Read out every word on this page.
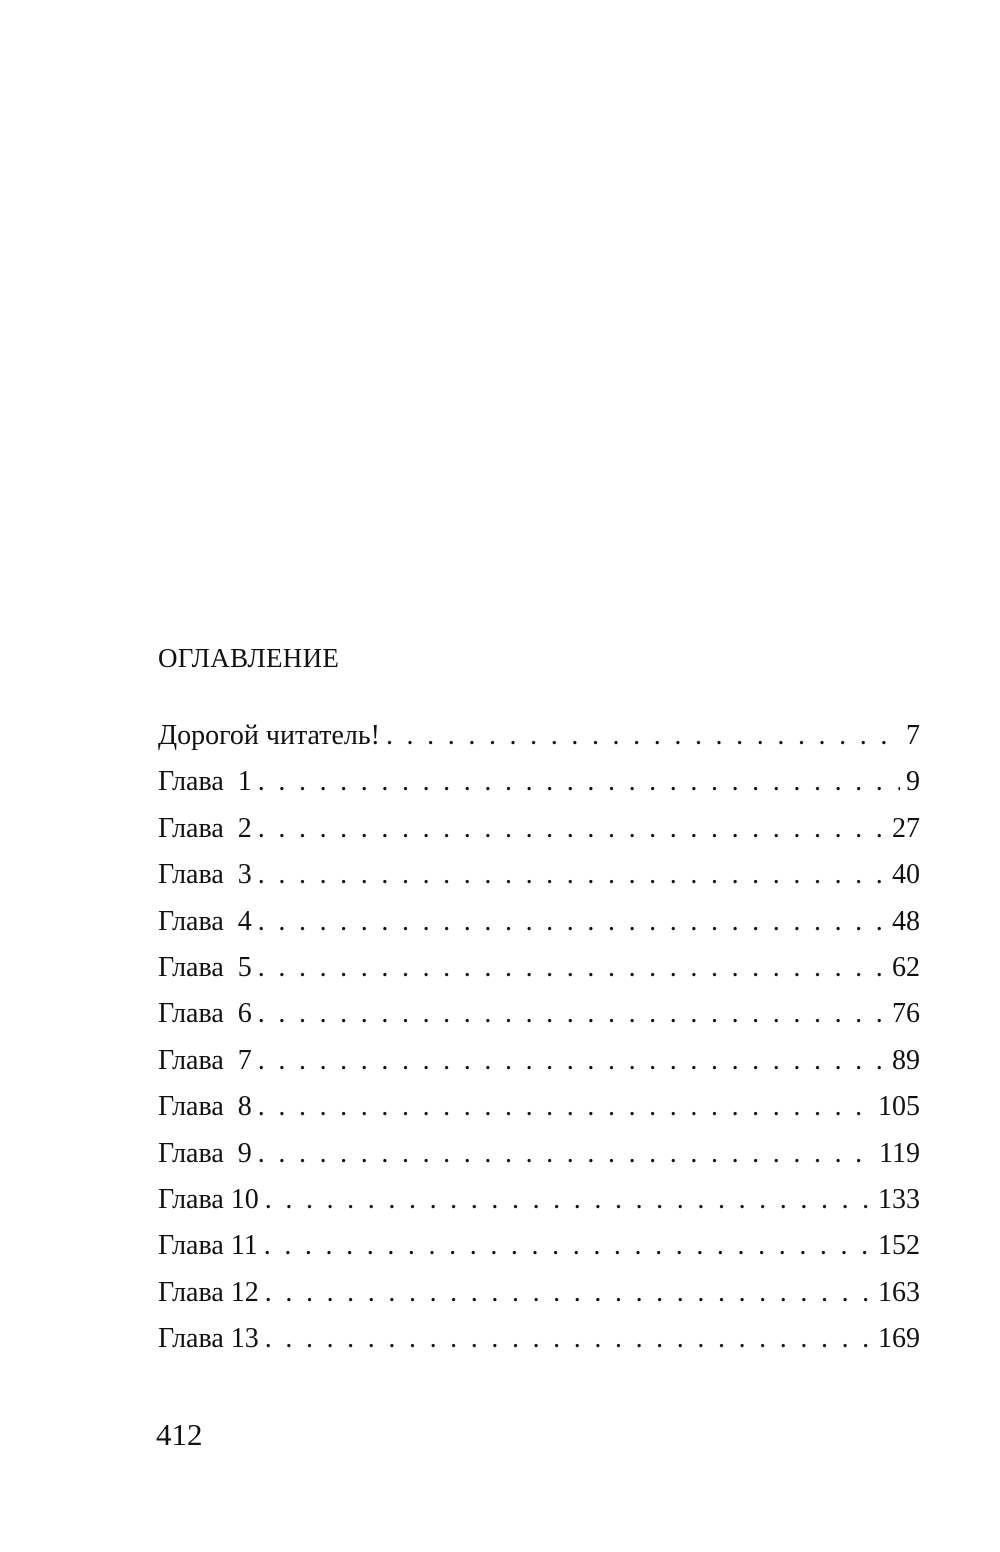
ОГЛАВЛЕНИЕ
Дорогой читатель! . . .	7
Глава  1 . . .	9
Глава  2 . . .	27
Глава  3 . . .	40
Глава  4 . . .	48
Глава  5 . . .	62
Глава  6 . . .	76
Глава  7 . . .	89
Глава  8 . . .	105
Глава  9 . . .	119
Глава 10 . . .	133
Глава 11 . . .	152
Глава 12 . . .	163
Глава 13 . . .	169
412
